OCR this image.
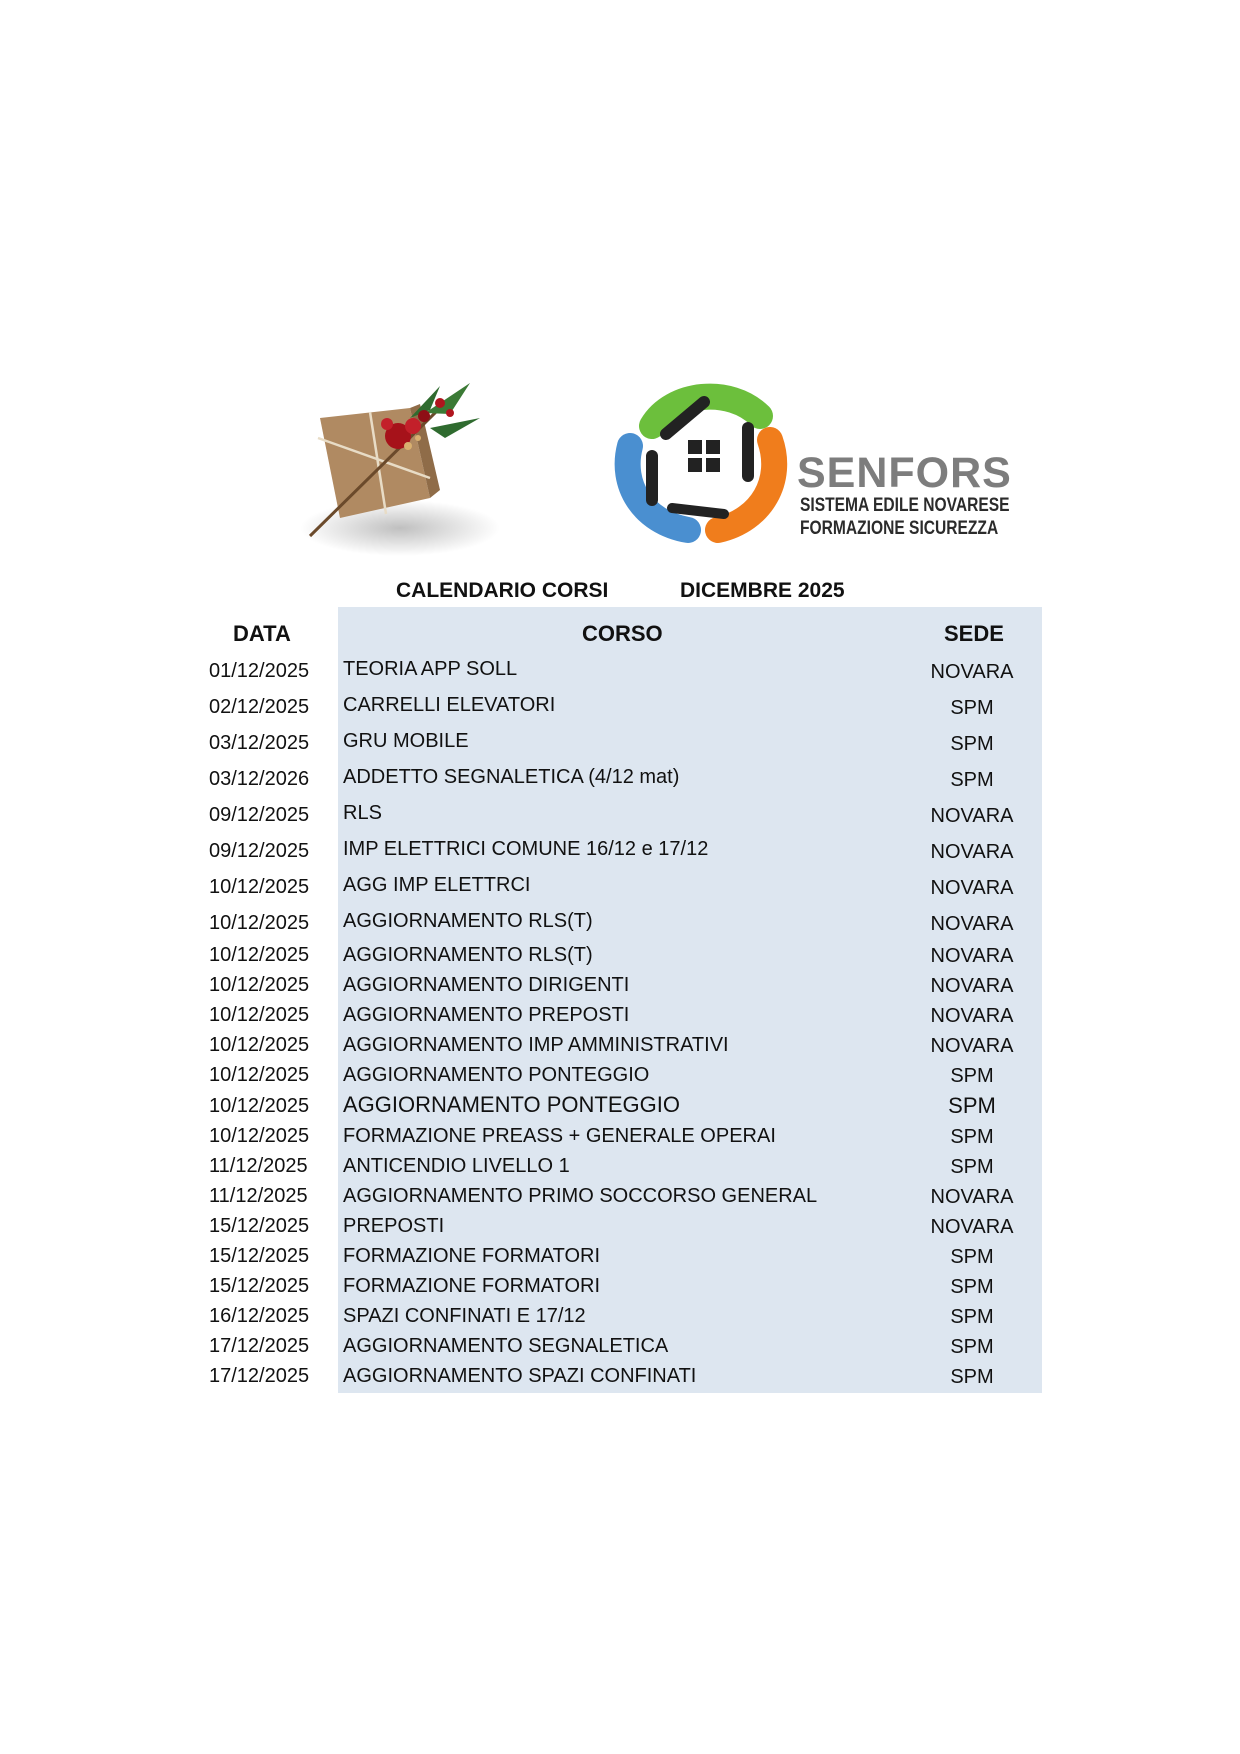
SENFORS
SISTEMA EDILE NOVARESE
FORMAZIONE SICUREZZA
CALENDARIO CORSI	DICEMBRE 2025
DATA	CORSO	SEDE
01/12/2025 TEORIA APP SOLL	NOVARA
02/12/2025 CARRELLI ELEVATORI	SPM
03/12/2025 GRU MOBILE	SPM
03/12/2026 ADDETTO SEGNALETICA (4/12 mat)	SPM
09/12/2025 RLS	NOVARA
09/12/2025 IMP ELETTRICI COMUNE 16/12 e 17/12	NOVARA
10/12/2025 AGG IMP ELETTRCI	NOVARA
10/12/2025 AGGIORNAMENTO RLS(T)	NOVARA
10/12/2025 AGGIORNAMENTO RLS(T)	NOVARA
10/12/2025 AGGIORNAMENTO DIRIGENTI	NOVARA
10/12/2025 AGGIORNAMENTO PREPOSTI	NOVARA
10/12/2025 AGGIORNAMENTO IMP AMMINISTRATIVI	NOVARA
10/12/2025 AGGIORNAMENTO PONTEGGIO	SPM
10/12/2025 AGGIORNAMENTO PONTEGGIO	SPM
10/12/2025 FORMAZIONE PREASS + GENERALE OPERAI	SPM
11/12/2025 ANTICENDIO LIVELLO 1	SPM
11/12/2025 AGGIORNAMENTO PRIMO SOCCORSO GENERAL	NOVARA
15/12/2025 PREPOSTI	NOVARA
15/12/2025 FORMAZIONE FORMATORI	SPM
15/12/2025 FORMAZIONE FORMATORI	SPM
16/12/2025 SPAZI CONFINATI E 17/12	SPM
17/12/2025 AGGIORNAMENTO SEGNALETICA	SPM
17/12/2025 AGGIORNAMENTO SPAZI CONFINATI	SPM
